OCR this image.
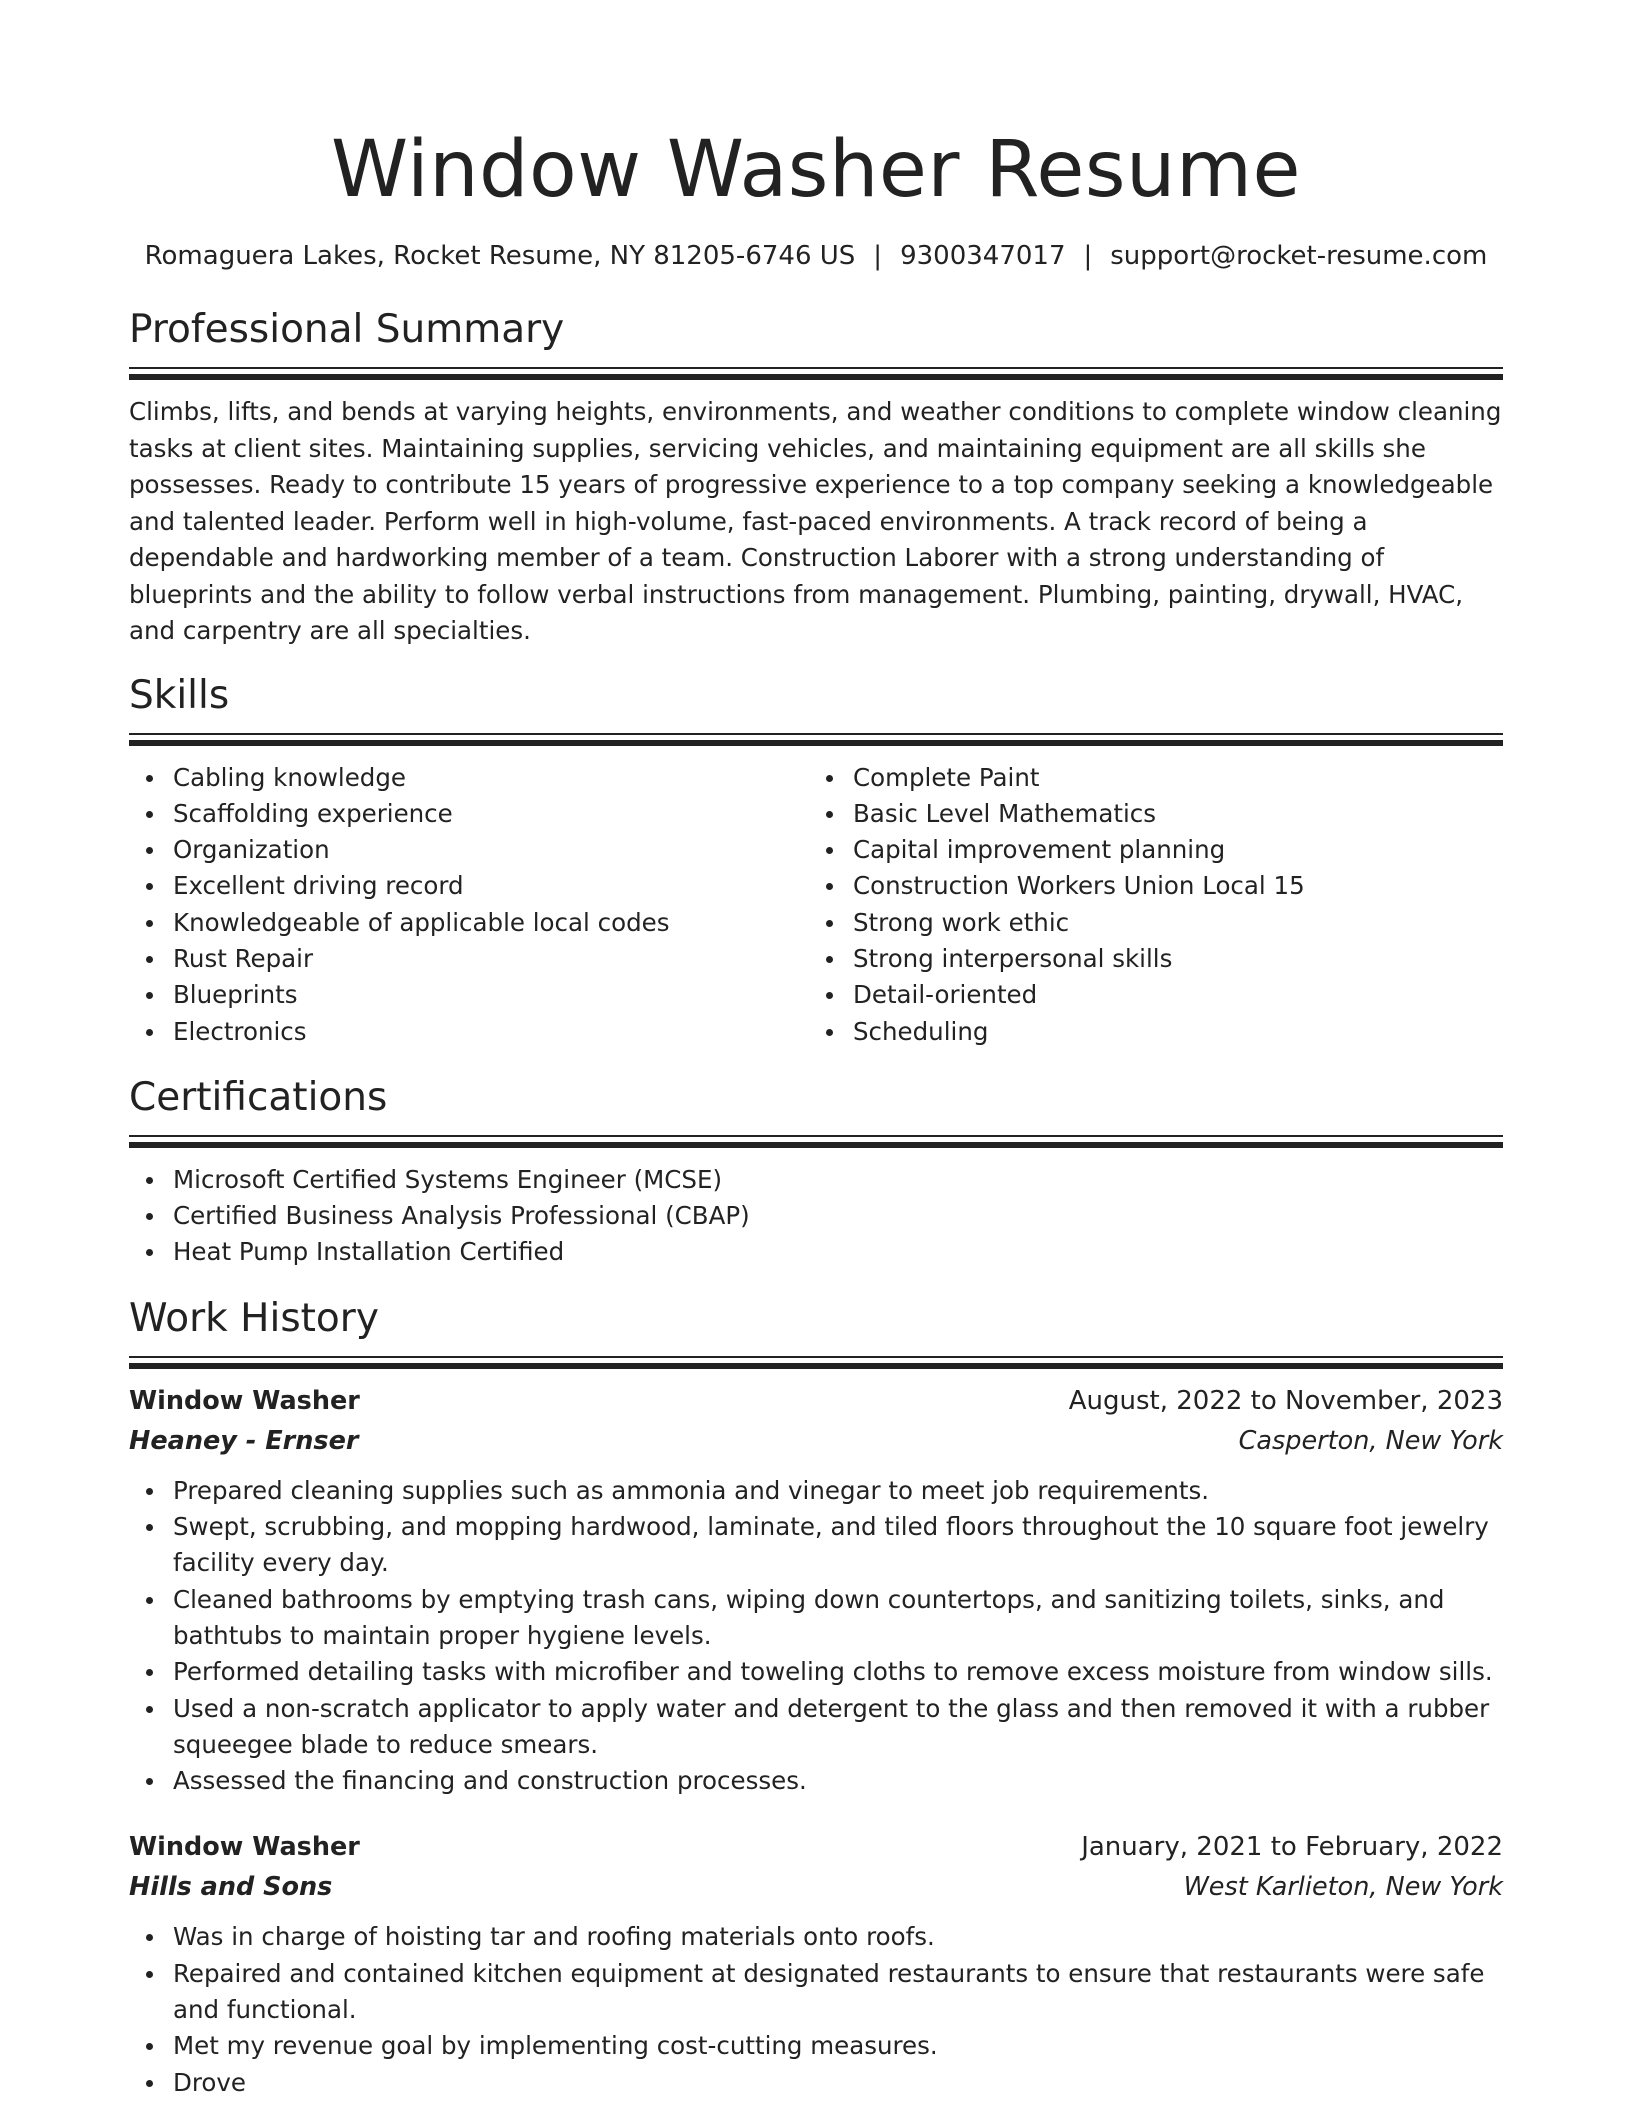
Window Washer Resume
Romaguera Lakes, Rocket Resume, NY 81205-6746 US | 9300347017 | support@rocket-resume.com
Professional Summary

Climbs, lifts, and bends at varying heights, environments, and weather conditions to complete window cleaning tasks at client sites. Maintaining supplies, servicing vehicles, and maintaining equipment are all skills she possesses. Ready to contribute 15 years of progressive experience to a top company seeking a knowledgeable and talented leader. Perform well in high-volume, fast-paced environments. A track record of being a dependable and hardworking member of a team. Construction Laborer with a strong understanding of blueprints and the ability to follow verbal instructions from management. Plumbing, painting, drywall, HVAC, and carpentry are all specialties.

Skills
Cabling knowledge
Scaffolding experience
Organization
Excellent driving record
Knowledgeable of applicable local codes
Rust Repair
Blueprints
Electronics
Complete Paint
Basic Level Mathematics
Capital improvement planning
Construction Workers Union Local 15
Strong work ethic
Strong interpersonal skills
Detail-oriented
Scheduling
Certifications
Microsoft Certified Systems Engineer (MCSE)
Certified Business Analysis Professional (CBAP)
Heat Pump Installation Certified
Work History
Window Washer	August, 2022 to November, 2023
Heaney - Ernser	Casperton, New York
Prepared cleaning supplies such as ammonia and vinegar to meet job requirements.
Swept, scrubbing, and mopping hardwood, laminate, and tiled floors throughout the 10 square foot jewelry facility every day.
Cleaned bathrooms by emptying trash cans, wiping down countertops, and sanitizing toilets, sinks, and bathtubs to maintain proper hygiene levels.
Performed detailing tasks with microfiber and toweling cloths to remove excess moisture from window sills.
Used a non-scratch applicator to apply water and detergent to the glass and then removed it with a rubber squeegee blade to reduce smears.
Assessed the financing and construction processes.
Window Washer	January, 2021 to February, 2022
Hills and Sons	West Karlieton, New York
Was in charge of hoisting tar and roofing materials onto roofs.
Repaired and contained kitchen equipment at designated restaurants to ensure that restaurants were safe and functional.
Met my revenue goal by implementing cost-cutting measures.
Drove
